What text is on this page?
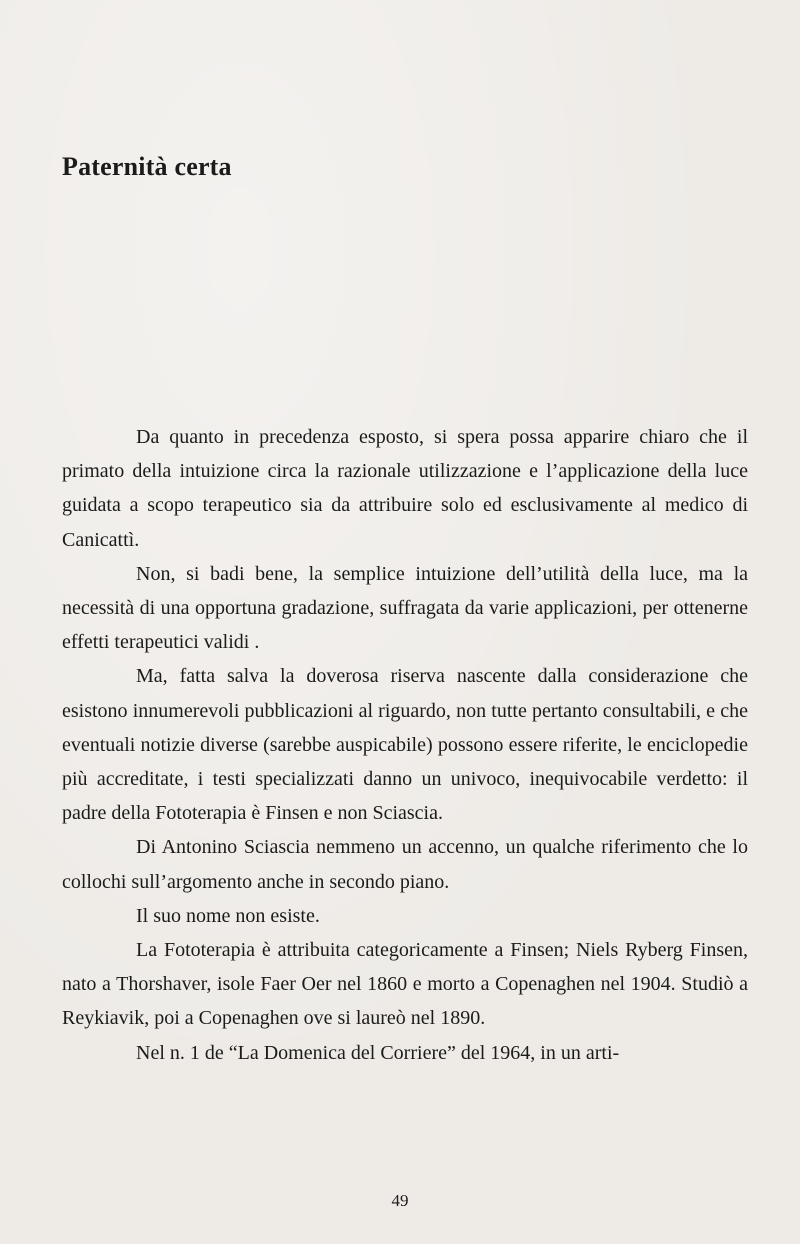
Paternità certa

Da quanto in precedenza esposto, si spera possa apparire chiaro che il primato della intuizione circa la razionale utilizzazione e l’applicazione della luce guidata a scopo terapeutico sia da attribuire solo ed esclusivamente al medico di Canicattì.

Non, si badi bene, la semplice intuizione dell’utilità della luce, ma la necessità di una opportuna gradazione, suffragata da varie applicazioni, per ottenerne effetti terapeutici validi .

Ma, fatta salva la doverosa riserva nascente dalla considerazione che esistono innumerevoli pubblicazioni al riguardo, non tutte pertanto consultabili, e che eventuali notizie diverse (sarebbe auspicabile) possono essere riferite, le enciclopedie più accreditate, i testi specializzati danno un univoco, inequivocabile verdetto: il padre della Fototerapia è Finsen e non Sciascia.

Di Antonino Sciascia nemmeno un accenno, un qualche riferimento che lo collochi sull’argomento anche in secondo piano.

Il suo nome non esiste.

La Fototerapia è attribuita categoricamente a Finsen; Niels Ryberg Finsen, nato a Thorshaver, isole Faer Oer nel 1860 e morto a Copenaghen nel 1904. Studiò a Reykiavik, poi a Copenaghen ove si laureò nel 1890.

Nel n. 1 de “La Domenica del Corriere” del 1964, in un arti-

49
